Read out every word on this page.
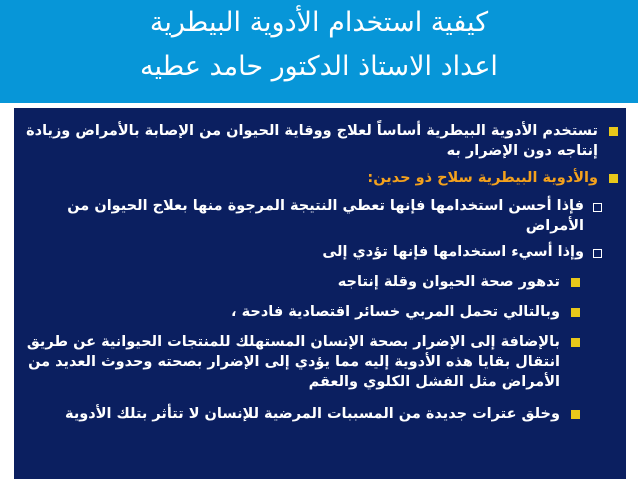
كيفية استخدام الأدوية البيطرية
اعداد الاستاذ الدكتور حامد عطيه
تستخدم الأدوية البيطرية أساساً لعلاج ووقاية الحيوان من الإصابة بالأمراض وزيادة
إنتاجه دون الإضرار به
والأدوية البيطرية سلاح ذو حدين:
فإذا أحسن استخدامها فإنها تعطي النتيجة المرجوة منها بعلاج الحيوان من
الأمراض
وإذا أسيء استخدامها فإنها تؤدي إلى
تدهور صحة الحيوان وقلة إنتاجه
وبالتالي تحمل المربي خسائر اقتصادية فادحة ،
بالإضافة إلى الإضرار بصحة الإنسان المستهلك للمنتجات الحيوانية عن طريق
انتقال بقايا هذه الأدوية إليه مما يؤدي إلى الإضرار بصحته وحدوث العديد من
الأمراض مثل الفشل الكلوي والعقم
وخلق عترات جديدة من المسببات المرضية للإنسان لا تتأثر بتلك الأدوية
